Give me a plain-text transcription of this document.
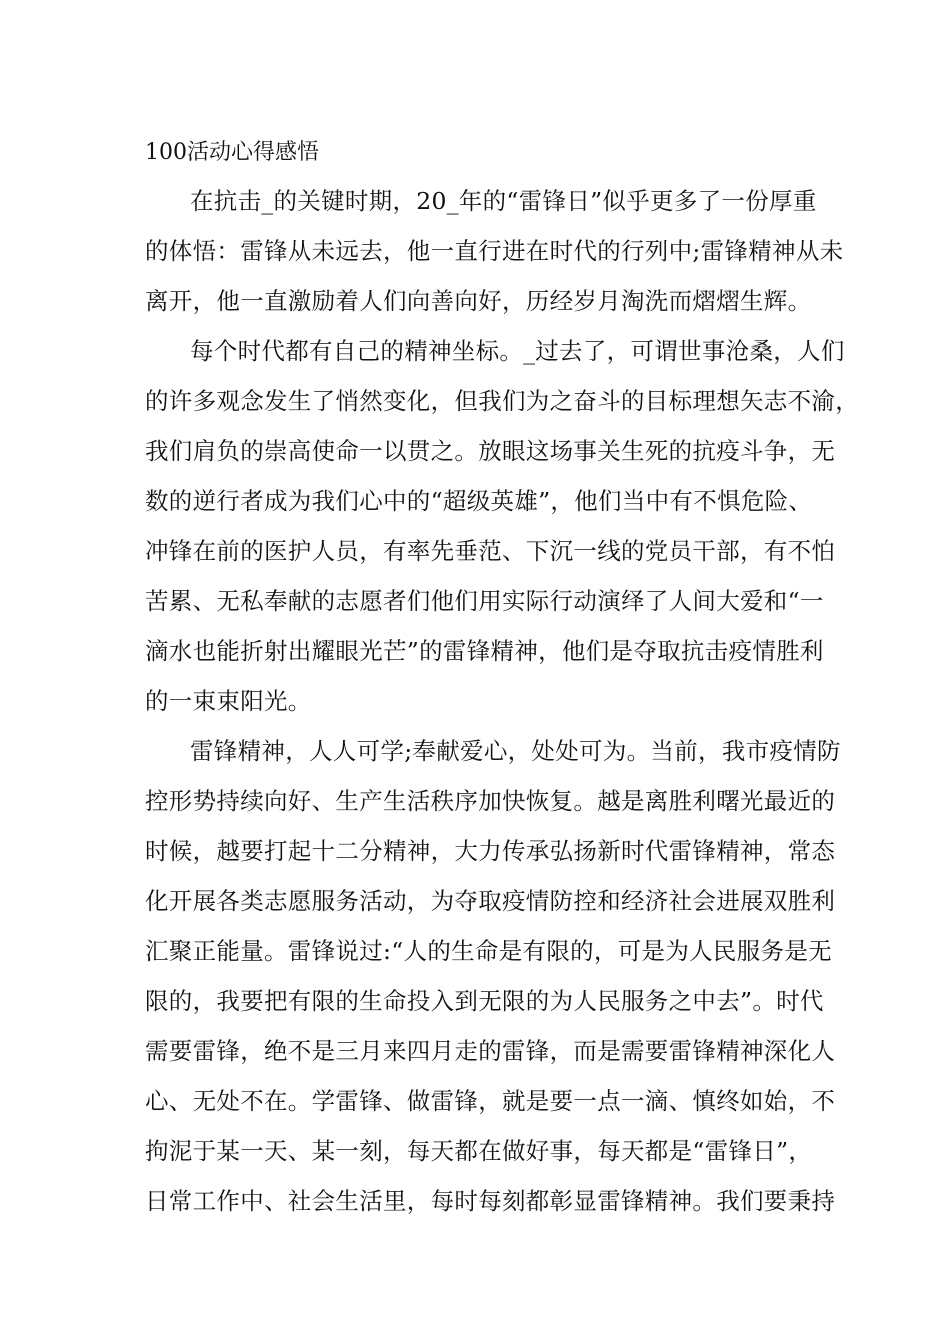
100活动心得感悟
在抗击_的关键时期，20_年的“雷锋日”似乎更多了一份厚重
的体悟：雷锋从未远去，他一直行进在时代的行列中;雷锋精神从未
离开，他一直激励着人们向善向好，历经岁月淘洗而熠熠生辉。
每个时代都有自己的精神坐标。_过去了，可谓世事沧桑，人们
的许多观念发生了悄然变化，但我们为之奋斗的目标理想矢志不渝，
我们肩负的崇高使命一以贯之。放眼这场事关生死的抗疫斗争，无
数的逆行者成为我们心中的“超级英雄”，他们当中有不惧危险、
冲锋在前的医护人员，有率先垂范、下沉一线的党员干部，有不怕
苦累、无私奉献的志愿者们他们用实际行动演绎了人间大爱和“一
滴水也能折射出耀眼光芒”的雷锋精神，他们是夺取抗击疫情胜利
的一束束阳光。
雷锋精神，人人可学;奉献爱心，处处可为。当前，我市疫情防
控形势持续向好、生产生活秩序加快恢复。越是离胜利曙光最近的
时候，越要打起十二分精神，大力传承弘扬新时代雷锋精神，常态
化开展各类志愿服务活动，为夺取疫情防控和经济社会进展双胜利
汇聚正能量。雷锋说过:“人的生命是有限的，可是为人民服务是无
限的，我要把有限的生命投入到无限的为人民服务之中去”。时代
需要雷锋，绝不是三月来四月走的雷锋，而是需要雷锋精神深化人
心、无处不在。学雷锋、做雷锋，就是要一点一滴、慎终如始，不
拘泥于某一天、某一刻，每天都在做好事，每天都是“雷锋日”，
日常工作中、社会生活里，每时每刻都彰显雷锋精神。我们要秉持
